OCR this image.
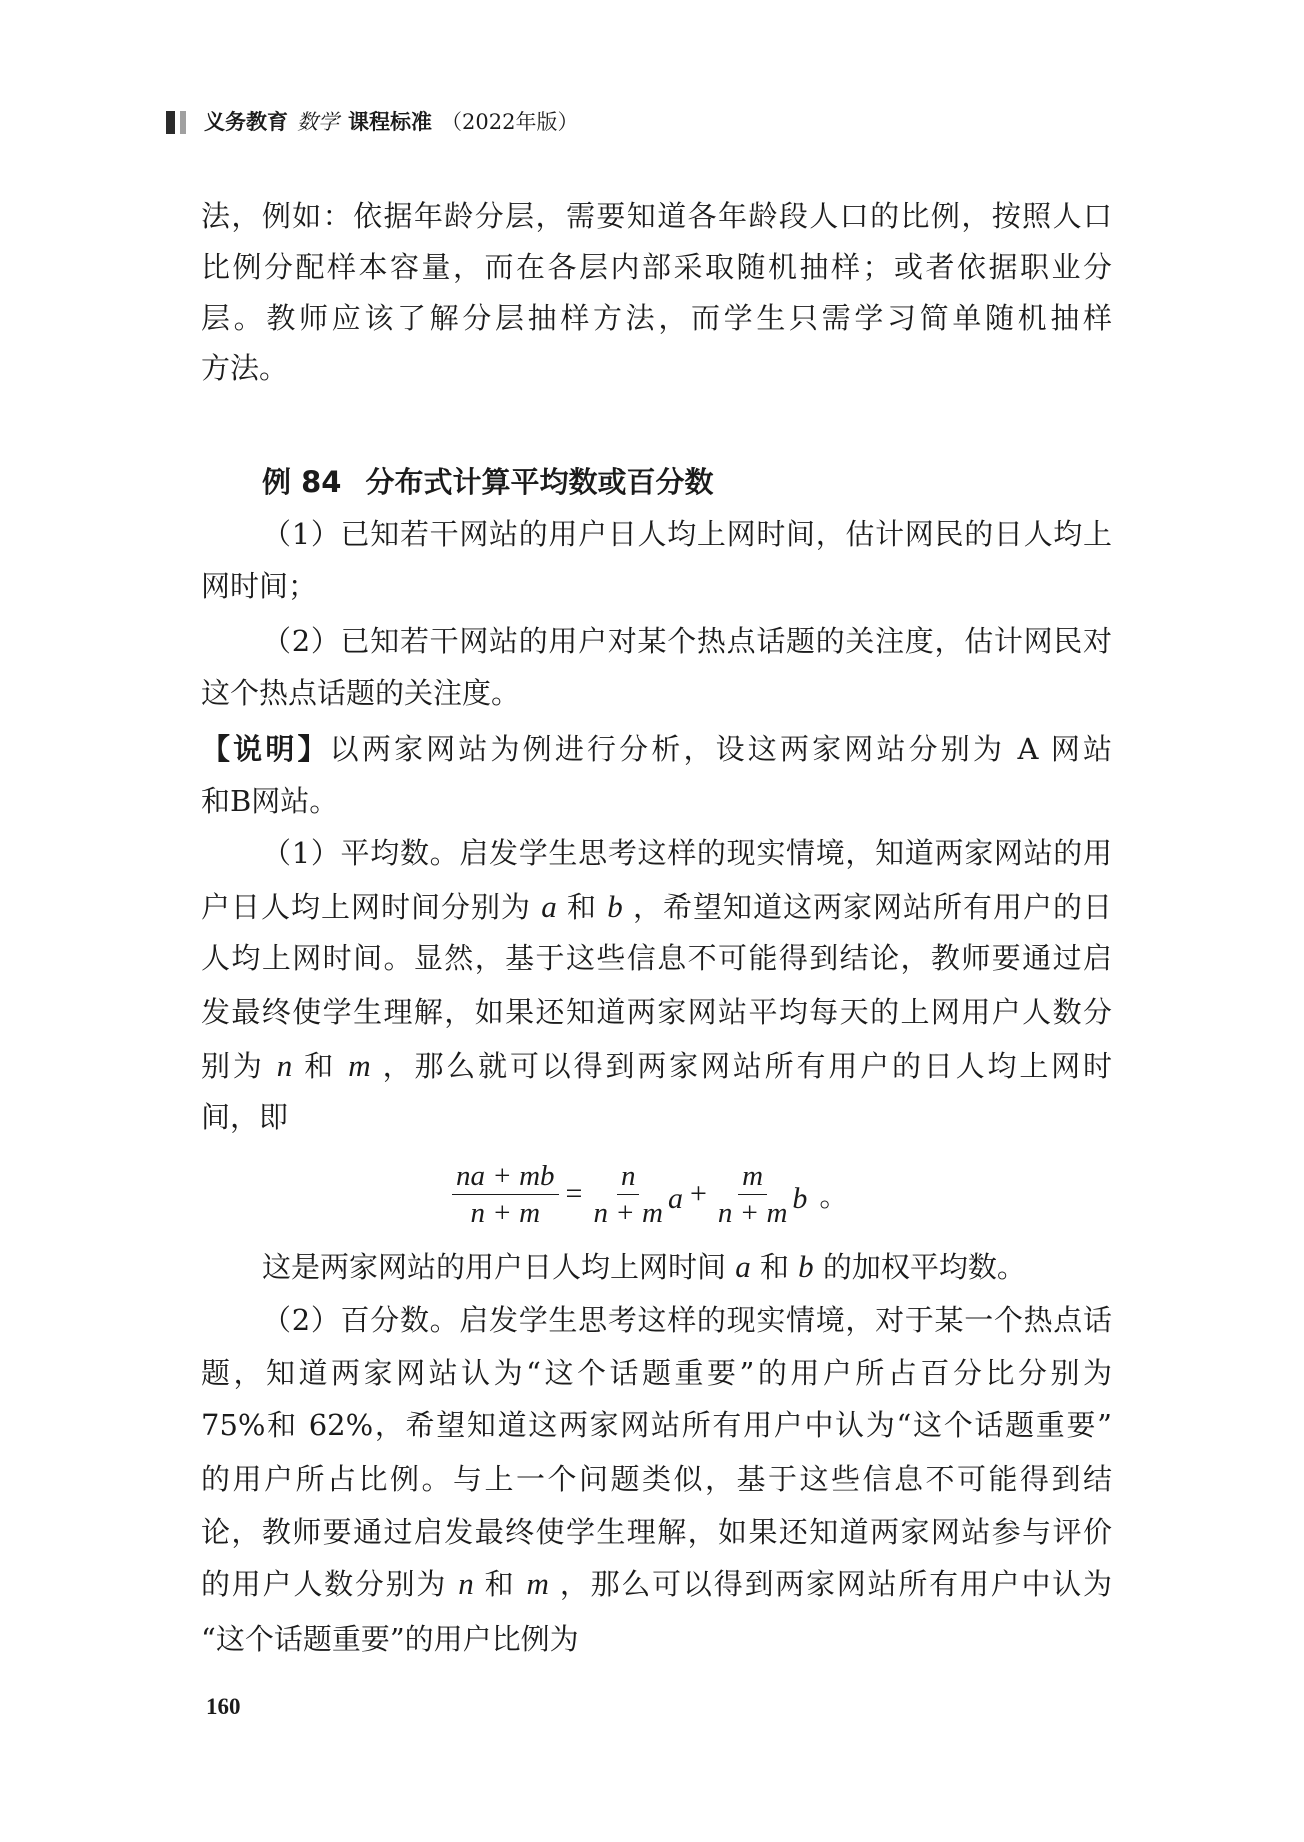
义务教育 数学 课程标准 （2022年版）
法，例如：依据年龄分层，需要知道各年龄段人口的比例，按照人口
比例分配样本容量，而在各层内部采取随机抽样；或者依据职业分
层。教师应该了解分层抽样方法，而学生只需学习简单随机抽样
方法。
例 84 分布式计算平均数或百分数
（1）已知若干网站的用户日人均上网时间，估计网民的日人均上
网时间；
（2）已知若干网站的用户对某个热点话题的关注度，估计网民对
这个热点话题的关注度。
【说明】以两家网站为例进行分析，设这两家网站分别为 A 网站
和B网站。
（1）平均数。启发学生思考这样的现实情境，知道两家网站的用
户日人均上网时间分别为 a 和 b ，希望知道这两家网站所有用户的日
人均上网时间。显然，基于这些信息不可能得到结论，教师要通过启
发最终使学生理解，如果还知道两家网站平均每天的上网用户人数分
别为 n 和 m ，那么就可以得到两家网站所有用户的日人均上网时
间，即
$\frac{na + mb}{n + m} = \frac{n}{n + m}$ $a + \frac{m}{n + m}$ b 。
这是两家网站的用户日人均上网时间 a 和 b 的加权平均数。
（2）百分数。启发学生思考这样的现实情境，对于某一个热点话
题，知道两家网站认为“这个话题重要”的用户所占百分比分别为
75%和 62%，希望知道这两家网站所有用户中认为“这个话题重要”
的用户所占比例。与上一个问题类似，基于这些信息不可能得到结
论，教师要通过启发最终使学生理解，如果还知道两家网站参与评价
的用户人数分别为 n 和 m ，那么可以得到两家网站所有用户中认为
“这个话题重要”的用户比例为
160
